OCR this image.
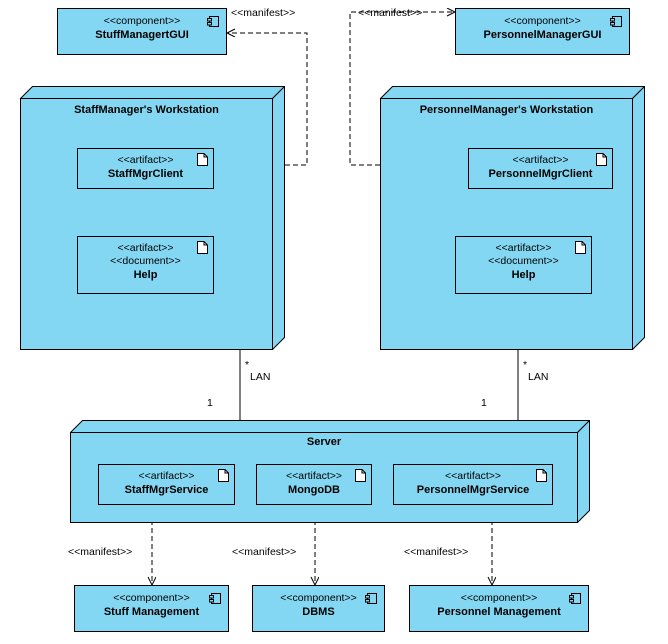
<<component>>
StuffManagertGUI
<<component>>
PersonnelManagerGUI
StaffManager's Workstation
<<artifact>>
StaffMgrClient
<<artifact>>
<<document>>
Help
PersonnelManager's Workstation
<<artifact>>
PersonnelMgrClient
<<artifact>>
<<document>>
Help
Server
<<artifact>>
StaffMgrService
<<artifact>>
MongoDB
<<artifact>>
PersonnelMgrService
<<component>>
Stuff Management
<<component>>
DBMS
<<component>>
Personnel Management
<<manifest>>	<<manifest>>
*
LAN
1
*
LAN
1
<<manifest>>	<<manifest>>	<<manifest>>
